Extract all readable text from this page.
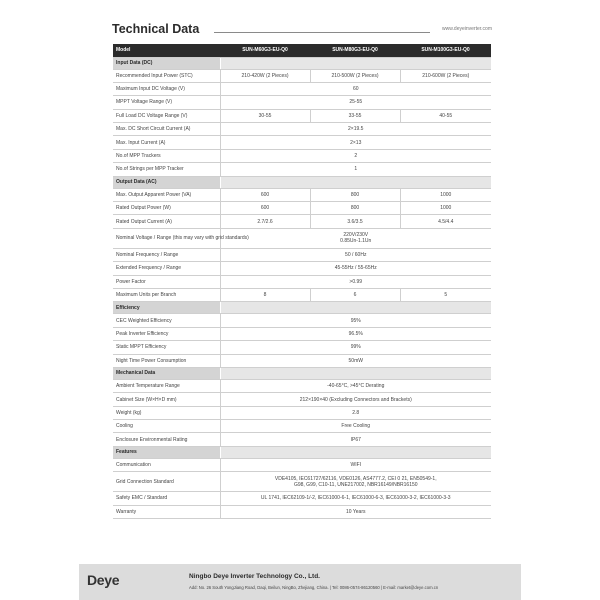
Technical Data	www.deyeinverter.com
Model	SUN-M60G3-EU-Q0	SUN-M80G3-EU-Q0	SUN-M100G3-EU-Q0
Input Data (DC)			
Recommended Input Power (STC)	210-420W (2 Pieces)	210-500W (2 Pieces)	210-600W (2 Pieces)
Maximum Input DC Voltage (V)	60		
MPPT Voltage Range (V)	25-55		
Full Load DC Voltage Range (V)	30-55	33-55	40-55
Max. DC Short Circuit Current (A)	2×19.5		
Max. Input Current (A)	2×13		
No.of MPP Trackers	2		
No.of Strings per MPP Tracker	1		
Output Data (AC)			
Max. Output Apparent Power (VA)	600	800	1000
Rated Output Power (W)	600	800	1000
Rated Output Current (A)	2.7/2.6	3.6/3.5	4.5/4.4
Nominal Voltage / Range (this may vary with grid standards)	220V/230V
0.85Un-1.1Un		
Nominal Frequency / Range	50 / 60Hz		
Extended Frequency / Range	45-55Hz / 55-65Hz		
Power Factor	>0.99		
Maximum Units per Branch	8	6	5
Efficiency			
CEC Weighted Efficiency	95%		
Peak Inverter Efficiency	96.5%		
Static MPPT Efficiency	99%		
Night Time Power Consumption	50mW		
Mechanical Data			
Ambient Temperature Range	-40-65°C, >45°C Derating		
Cabinet Size (W×H×D mm)	212×190×40 (Excluding Connectors and Brackets)		
Weight (kg)	2.8		
Cooling	Free Cooling		
Enclosure Environmental Rating	IP67		
Features			
Communication	WIFI		
Grid Connection Standard	VDE4105, IEC61727/62116, VDE0126, AS4777.2, CEI 0 21, EN50549-1,
G98, G99, C10-11, UNE217002, NBR16149/NBR16150		
Safety EMC / Standard	UL 1741, IEC62109-1/-2, IEC61000-6-1, IEC61000-6-3, IEC61000-3-2, IEC61000-3-3		
Warranty	10 Years		
Deye	Ningbo Deye Inverter Technology Co., Ltd.
Add: No. 26 South YongJiang Road, Daqi, Beilun, NingBo, Zhejiang, China. | Tel: 0086-0574-86120560 | E-mail: market@deye.com.cn
